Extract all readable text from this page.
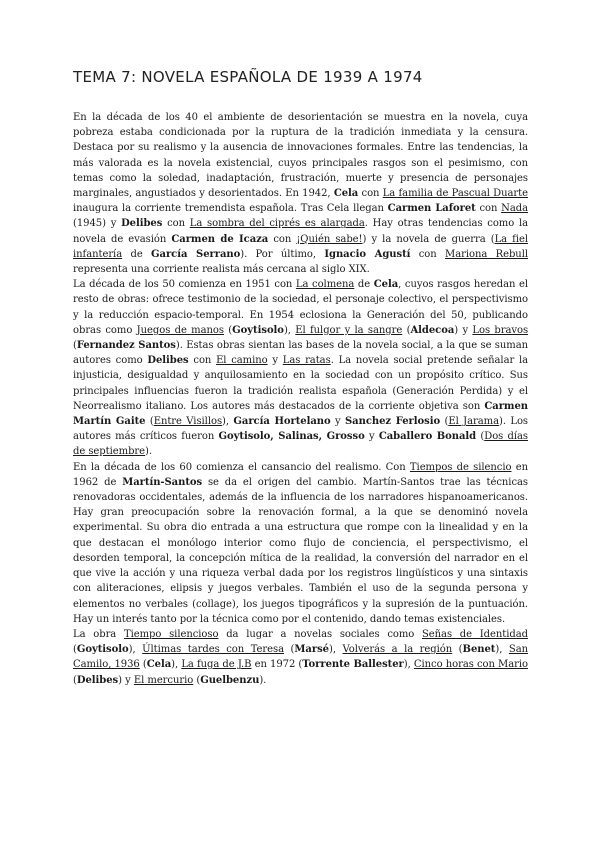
TEMA 7: NOVELA ESPAÑOLA DE 1939 A 1974

En la década de los 40 el ambiente de desorientación se muestra en la novela, cuya pobreza estaba condicionada por la ruptura de la tradición inmediata y la censura. Destaca por su realismo y la ausencia de innovaciones formales. Entre las tendencias, la más valorada es la novela existencial, cuyos principales rasgos son el pesimismo, con temas como la soledad, inadaptación, frustración, muerte y presencia de personajes marginales, angustiados y desorientados. En 1942, Cela con La familia de Pascual Duarte inaugura la corriente tremendista española. Tras Cela llegan Carmen Laforet con Nada (1945) y Delibes con La sombra del ciprés es alargada. Hay otras tendencias como la novela de evasión Carmen de Icaza con ¡Quién sabe!) y la novela de guerra (La fiel infantería de García Serrano). Por último, Ignacio Agustí con Mariona Rebull representa una corriente realista más cercana al siglo XIX.

La década de los 50 comienza en 1951 con La colmena de Cela, cuyos rasgos heredan el resto de obras: ofrece testimonio de la sociedad, el personaje colectivo, el perspectivismo y la reducción espacio-temporal. En 1954 eclosiona la Generación del 50, publicando obras como Juegos de manos (Goytisolo), El fulgor y la sangre (Aldecoa) y Los bravos (Fernandez Santos). Estas obras sientan las bases de la novela social, a la que se suman autores como Delibes con El camino y Las ratas. La novela social pretende señalar la injusticia, desigualdad y anquilosamiento en la sociedad con un propósito crítico. Sus principales influencias fueron la tradición realista española (Generación Perdida) y el Neorrealismo italiano. Los autores más destacados de la corriente objetiva son Carmen Martín Gaite (Entre Visillos), García Hortelano y Sanchez Ferlosio (El Jarama). Los autores más críticos fueron Goytisolo, Salinas, Grosso y Caballero Bonald (Dos días de septiembre).

En la década de los 60 comienza el cansancio del realismo. Con Tiempos de silencio en 1962 de Martín-Santos se da el origen del cambio. Martín-Santos trae las técnicas renovadoras occidentales, además de la influencia de los narradores hispanoamericanos. Hay gran preocupación sobre la renovación formal, a la que se denominó novela experimental. Su obra dio entrada a una estructura que rompe con la linealidad y en la que destacan el monólogo interior como flujo de conciencia, el perspectivismo, el desorden temporal, la concepción mítica de la realidad, la conversión del narrador en el que vive la acción y una riqueza verbal dada por los registros lingüísticos y una sintaxis con aliteraciones, elipsis y juegos verbales. También el uso de la segunda persona y elementos no verbales (collage), los juegos tipográficos y la supresión de la puntuación. Hay un interés tanto por la técnica como por el contenido, dando temas existenciales.

La obra Tiempo silencioso da lugar a novelas sociales como Señas de Identidad (Goytisolo), Últimas tardes con Teresa (Marsé), Volverás a la región (Benet), San Camilo, 1936 (Cela), La fuga de J.B en 1972 (Torrente Ballester), Cinco horas con Mario (Delibes) y El mercurio (Guelbenzu).
